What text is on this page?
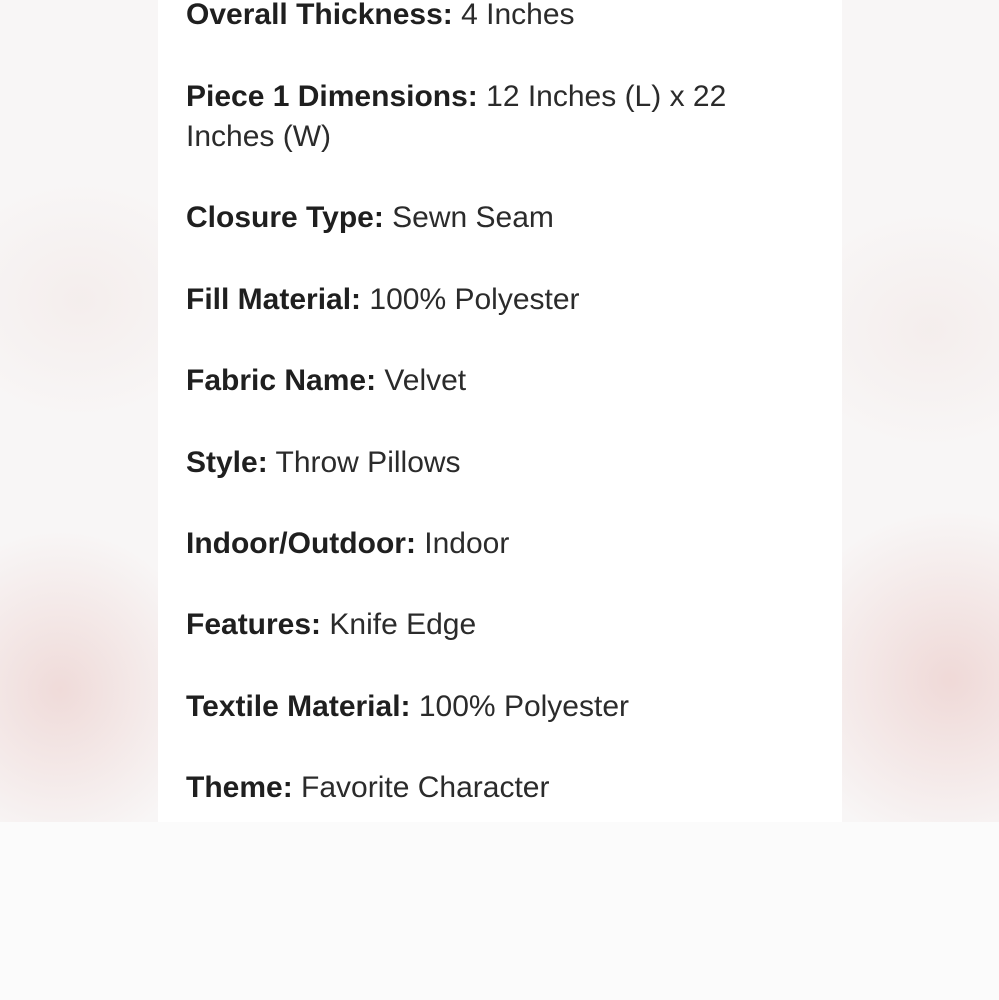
Overall Thickness: 4 Inches
Piece 1 Dimensions: 12 Inches (L) x 22 Inches (W)
Closure Type: Sewn Seam
Fill Material: 100% Polyester
Fabric Name: Velvet
Style: Throw Pillows
Indoor/Outdoor: Indoor
Features: Knife Edge
Textile Material: 100% Polyester
Theme: Favorite Character
